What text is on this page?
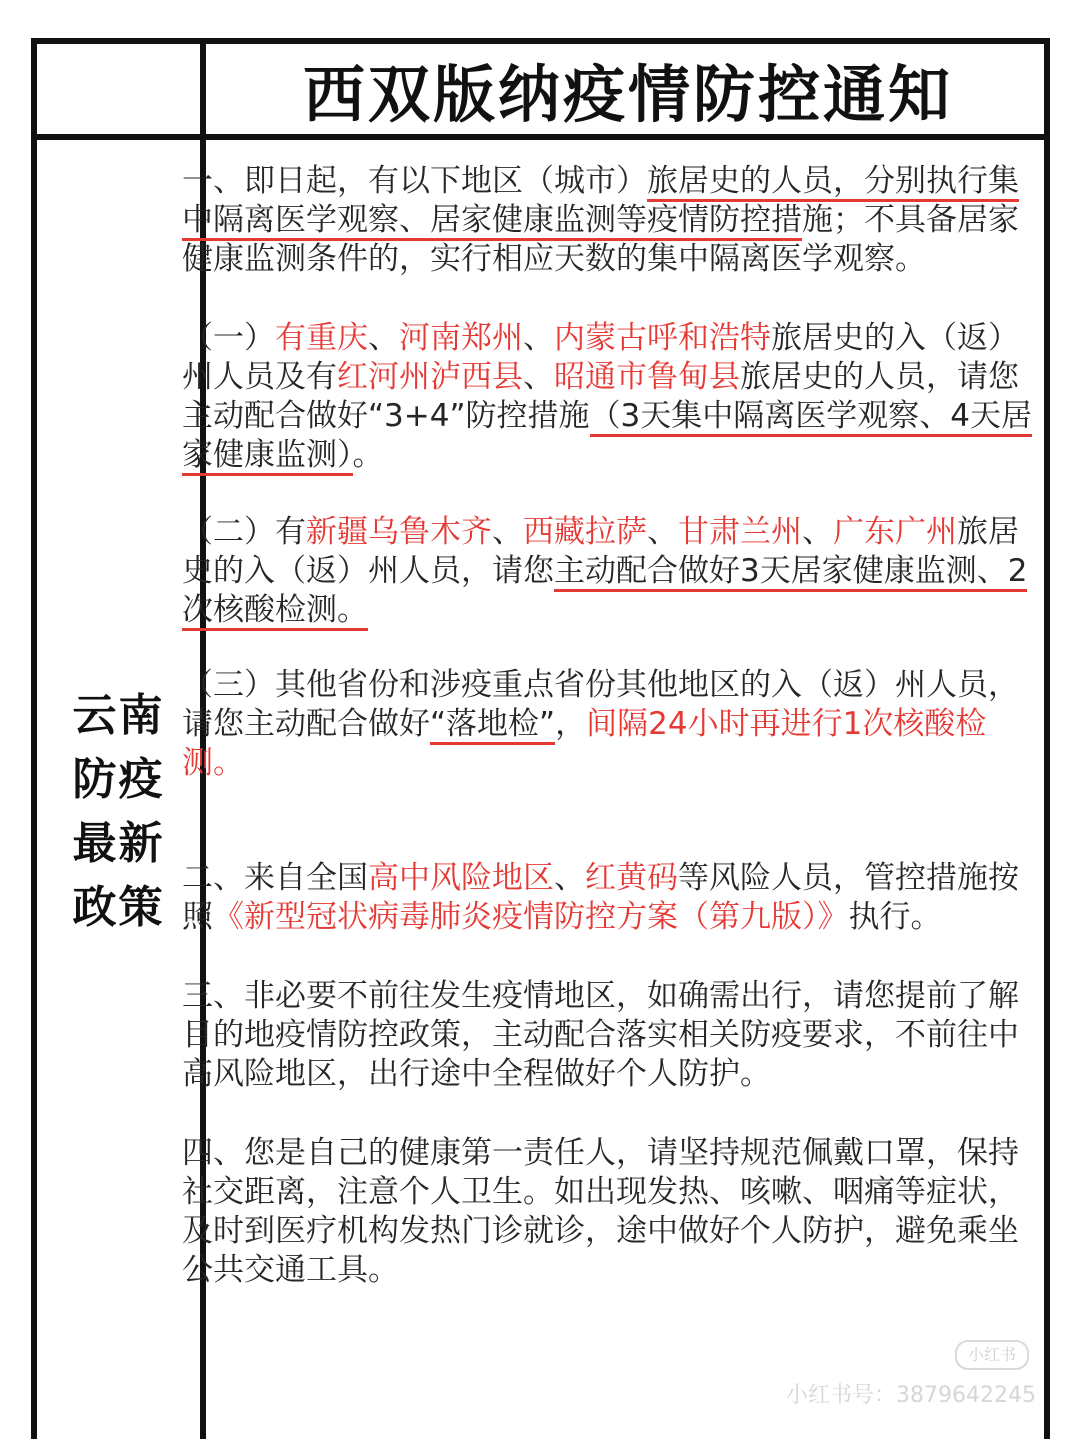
西双版纳疫情防控通知
云南
防疫
最新
政策

一、即日起，有以下地区（城市）旅居史的人员，分别执行集中隔离医学观察、居家健康监测等疫情防控措施；不具备居家健康监测条件的，实行相应天数的集中隔离医学观察。

（一）有重庆、河南郑州、内蒙古呼和浩特旅居史的入（返）州人员及有红河州泸西县、昭通市鲁甸县旅居史的人员，请您主动配合做好“3+4”防控措施（3天集中隔离医学观察、4天居家健康监测）。

（二）有新疆乌鲁木齐、西藏拉萨、甘肃兰州、广东广州旅居史的入（返）州人员，请您主动配合做好3天居家健康监测、2次核酸检测。

（三）其他省份和涉疫重点省份其他地区的入（返）州人员，请您主动配合做好“落地检”，间隔24小时再进行1次核酸检测。

二、来自全国高中风险地区、红黄码等风险人员，管控措施按照《新型冠状病毒肺炎疫情防控方案（第九版）》执行。

三、非必要不前往发生疫情地区，如确需出行，请您提前了解目的地疫情防控政策，主动配合落实相关防疫要求，不前往中高风险地区，出行途中全程做好个人防护。

四、您是自己的健康第一责任人，请坚持规范佩戴口罩，保持社交距离，注意个人卫生。如出现发热、咳嗽、咽痛等症状，及时到医疗机构发热门诊就诊，途中做好个人防护，避免乘坐公共交通工具。

小红书
小红书号：3879642245
